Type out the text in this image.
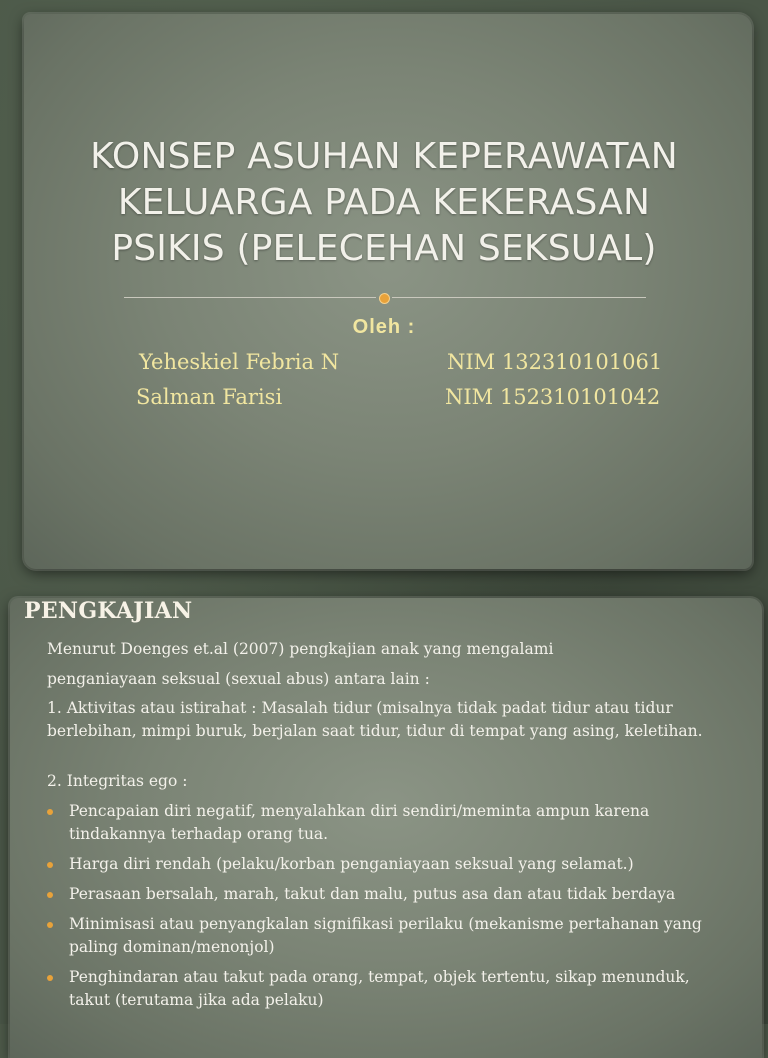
KONSEP ASUHAN KEPERAWATAN
KELUARGA PADA KEKERASAN
PSIKIS (PELECEHAN SEKSUAL)
Oleh :
Yeheskiel Febria N	NIM 132310101061
Salman Farisi	NIM 152310101042
PENGKAJIAN

Menurut Doenges et.al (2007) pengkajian anak yang mengalami

penganiayaan seksual (sexual abus) antara lain :

1. Aktivitas atau istirahat : Masalah tidur (misalnya tidak padat tidur atau tidur berlebihan, mimpi buruk, berjalan saat tidur, tidur di tempat yang asing, keletihan.

2. Integritas ego :

Pencapaian diri negatif, menyalahkan diri sendiri/meminta ampun karena tindakannya terhadap orang tua.
Harga diri rendah (pelaku/korban penganiayaan seksual yang selamat.)
Perasaan bersalah, marah, takut dan malu, putus asa dan atau tidak berdaya
Minimisasi atau penyangkalan signifikasi perilaku (mekanisme pertahanan yang paling dominan/menonjol)
Penghindaran atau takut pada orang, tempat, objek tertentu, sikap menunduk, takut (terutama jika ada pelaku)
